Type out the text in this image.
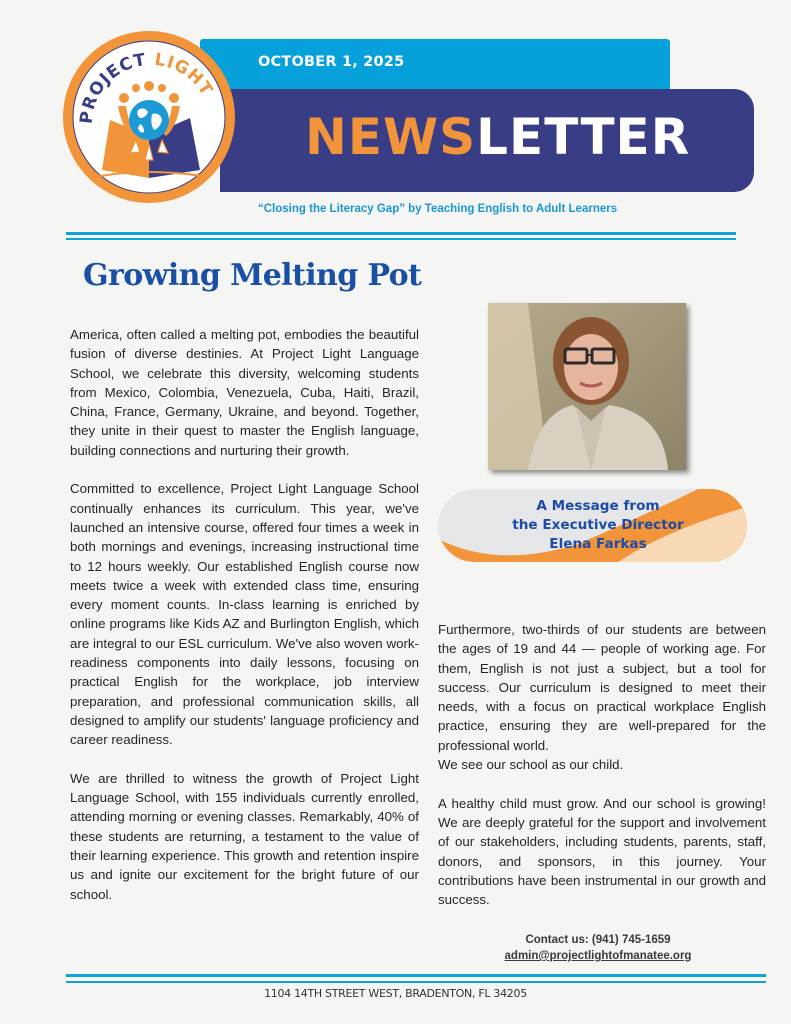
OCTOBER 1, 2025
NEWSLETTER
“Closing the Literacy Gap” by Teaching English to Adult Learners
PROJECT LIGHT
Growing Melting Pot

America, often called a melting pot, embodies the beautiful fusion of diverse destinies. At Project Light Language School, we celebrate this diversity, welcoming students from Mexico, Colombia, Venezuela, Cuba, Haiti, Brazil, China, France, Germany, Ukraine, and beyond. Together, they unite in their quest to master the English language, building connections and nurturing their growth.

Committed to excellence, Project Light Language School continually enhances its curriculum. This year, we've launched an intensive course, offered four times a week in both mornings and evenings, increasing instructional time to 12 hours weekly. Our established English course now meets twice a week with extended class time, ensuring every moment counts. In-class learning is enriched by online programs like Kids AZ and Burlington English, which are integral to our ESL curriculum. We've also woven work-readiness components into daily lessons, focusing on practical English for the workplace, job interview preparation, and professional communication skills, all designed to amplify our students' language proficiency and career readiness.

We are thrilled to witness the growth of Project Light Language School, with 155 individuals currently enrolled, attending morning or evening classes. Remarkably, 40% of these students are returning, a testament to the value of their learning experience. This growth and retention inspire us and ignite our excitement for the bright future of our school.

A Message from
the Executive Director
Elena Farkas

Furthermore, two-thirds of our students are between the ages of 19 and 44 — people of working age. For them, English is not just a subject, but a tool for success. Our curriculum is designed to meet their needs, with a focus on practical workplace English practice, ensuring they are well-prepared for the professional world.

We see our school as our child.

A healthy child must grow. And our school is growing! We are deeply grateful for the support and involvement of our stakeholders, including students, parents, staff, donors, and sponsors, in this journey. Your contributions have been instrumental in our growth and success.

Contact us: (941) 745-1659
admin@projectlightofmanatee.org
1104 14TH STREET WEST, BRADENTON, FL 34205
